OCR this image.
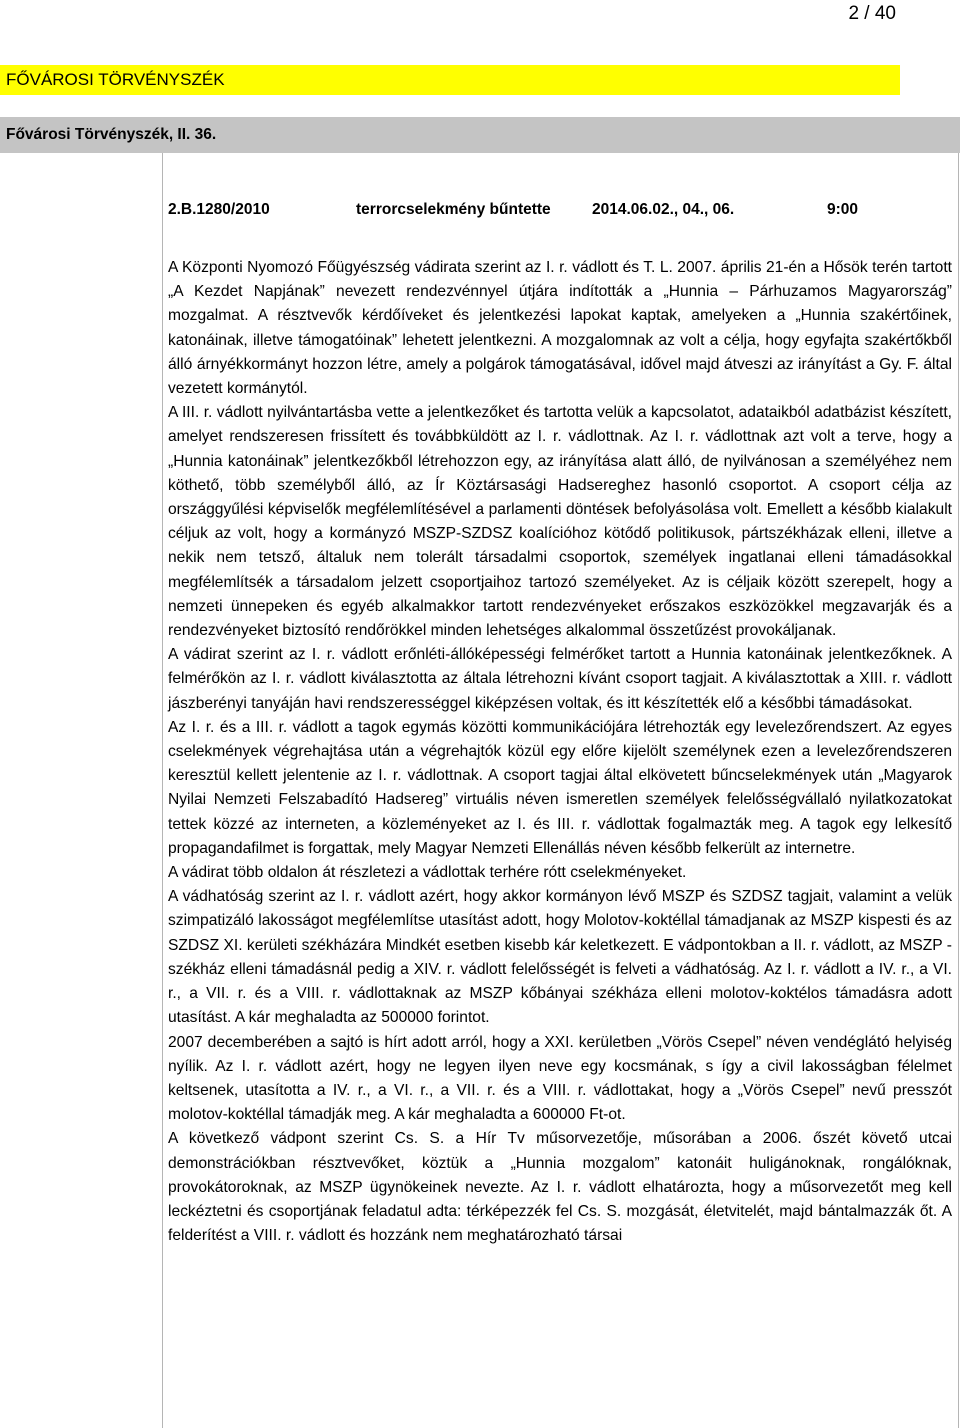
2 / 40
FŐVÁROSI TÖRVÉNYSZÉK
Fővárosi Törvényszék, II. 36.
2.B.1280/2010	terrorcselekmény bűntette	2014.06.02., 04., 06.	9:00

A Központi Nyomozó Főügyészség vádirata szerint az I. r. vádlott és T. L. 2007. április 21-én a Hősök terén tartott „A Kezdet Napjának” nevezett rendezvénnyel útjára indították a „Hunnia – Párhuzamos Magyarország” mozgalmat. A résztvevők kérdőíveket és jelentkezési lapokat kaptak, amelyeken a „Hunnia szakértőinek, katonáinak, illetve támogatóinak” lehetett jelentkezni. A mozgalomnak az volt a célja, hogy egyfajta szakértőkből álló árnyékkormányt hozzon létre, amely a polgárok támogatásával, idővel majd átveszi az irányítást a Gy. F. által vezetett kormánytól.

A III. r. vádlott nyilvántartásba vette a jelentkezőket és tartotta velük a kapcsolatot, adataikból adatbázist készített, amelyet rendszeresen frissített és továbbküldött az I. r. vádlottnak. Az I. r. vádlottnak azt volt a terve, hogy a „Hunnia katonáinak” jelentkezőkből létrehozzon egy, az irányítása alatt álló, de nyilvánosan a személyéhez nem köthető, több személyből álló, az Ír Köztársasági Hadsereghez hasonló csoportot. A csoport célja az országgyűlési képviselők megfélemlítésével a parlamenti döntések befolyásolása volt. Emellett a később kialakult céljuk az volt, hogy a kormányzó MSZP-SZDSZ koalícióhoz kötődő politikusok, pártszékházak elleni, illetve a nekik nem tetsző, általuk nem tolerált társadalmi csoportok, személyek ingatlanai elleni támadásokkal megfélemlítsék a társadalom jelzett csoportjaihoz tartozó személyeket. Az is céljaik között szerepelt, hogy a nemzeti ünnepeken és egyéb alkalmakkor tartott rendezvényeket erőszakos eszközökkel megzavarják és a rendezvényeket biztosító rendőrökkel minden lehetséges alkalommal összetűzést provokáljanak.

A vádirat szerint az I. r. vádlott erőnléti-állóképességi felmérőket tartott a Hunnia katonáinak jelentkezőknek. A felmérőkön az I. r. vádlott kiválasztotta az általa létrehozni kívánt csoport tagjait. A kiválasztottak a XIII. r. vádlott jászberényi tanyáján havi rendszerességgel kiképzésen voltak, és itt készítették elő a későbbi támadásokat.

Az I. r. és a III. r. vádlott a tagok egymás közötti kommunikációjára létrehozták egy levelezőrendszert. Az egyes cselekmények végrehajtása után a végrehajtók közül egy előre kijelölt személynek ezen a levelezőrendszeren keresztül kellett jelentenie az I. r. vádlottnak. A csoport tagjai által elkövetett bűncselekmények után „Magyarok Nyilai Nemzeti Felszabadító Hadsereg” virtuális néven ismeretlen személyek felelősségvállaló nyilatkozatokat tettek közzé az interneten, a közleményeket az I. és III. r. vádlottak fogalmazták meg. A tagok egy lelkesítő propagandafilmet is forgattak, mely Magyar Nemzeti Ellenállás néven később felkerült az internetre.

A vádirat több oldalon át részletezi a vádlottak terhére rótt cselekményeket.

A vádhatóság szerint az I. r. vádlott azért, hogy akkor kormányon lévő MSZP és SZDSZ tagjait, valamint a velük szimpatizáló lakosságot megfélemlítse utasítást adott, hogy Molotov-koktéllal támadjanak az MSZP kispesti és az SZDSZ XI. kerületi székházára Mindkét esetben kisebb kár keletkezett. E vádpontokban a II. r. vádlott, az MSZP -székház elleni támadásnál pedig a XIV. r. vádlott felelősségét is felveti a vádhatóság. Az I. r. vádlott a IV. r., a VI. r., a VII. r. és a VIII. r. vádlottaknak az MSZP kőbányai székháza elleni molotov-koktélos támadásra adott utasítást. A kár meghaladta az 500000 forintot.

2007 decemberében a sajtó is hírt adott arról, hogy a XXI. kerületben „Vörös Csepel” néven vendéglátó helyiség nyílik. Az I. r. vádlott azért, hogy ne legyen ilyen neve egy kocsmának, s így a civil lakosságban félelmet keltsenek, utasította a IV. r., a VI. r., a VII. r. és a VIII. r. vádlottakat, hogy a „Vörös Csepel” nevű presszót molotov-koktéllal támadják meg. A kár meghaladta a 600000 Ft-ot.

A következő vádpont szerint Cs. S. a Hír Tv műsorvezetője, műsorában a 2006. őszét követő utcai demonstrációkban résztvevőket, köztük a „Hunnia mozgalom” katonáit huligánoknak, rongálóknak, provokátoroknak, az MSZP ügynökeinek nevezte. Az I. r. vádlott elhatározta, hogy a műsorvezetőt meg kell leckéztetni és csoportjának feladatul adta: térképezzék fel Cs. S. mozgását, életvitelét, majd bántalmazzák őt. A felderítést a VIII. r. vádlott és hozzánk nem meghatározható társai
